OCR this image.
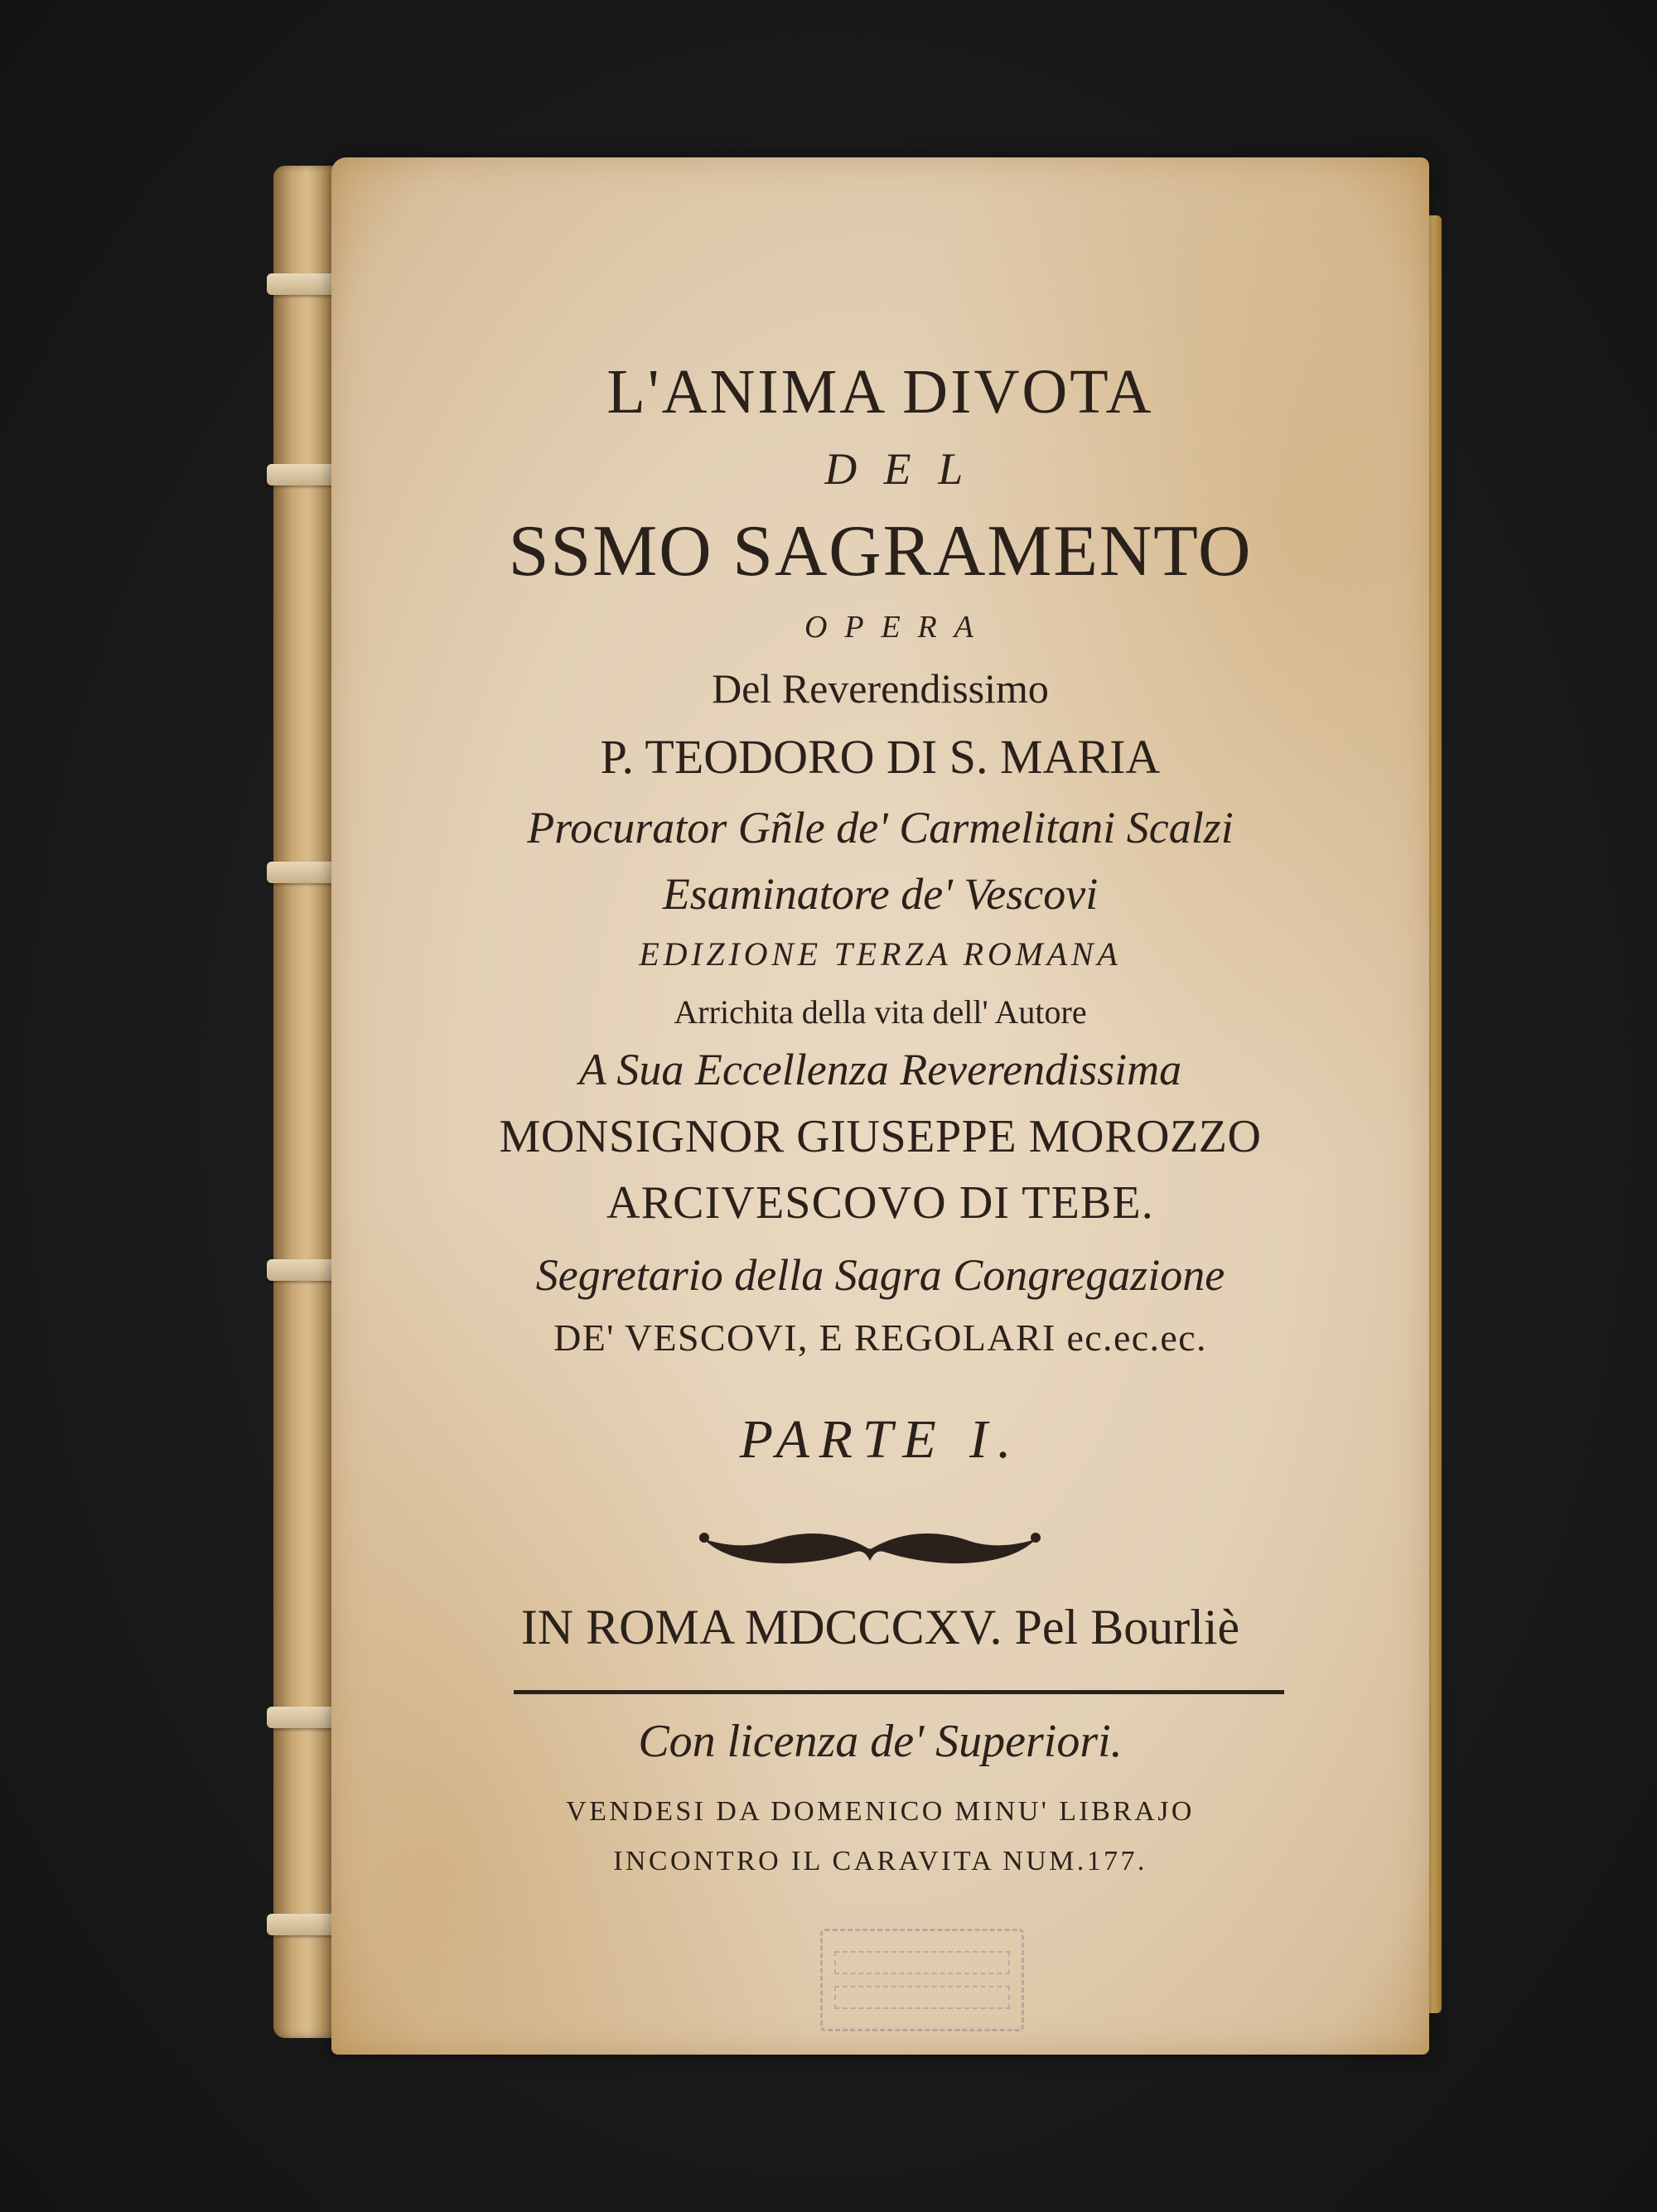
L'ANIMA DIVOTA

DEL

SSMO SAGRAMENTO

OPERA

Del Reverendissimo

P. TEODORO DI S. MARIA

Procurator Gñle de' Carmelitani Scalzi

Esaminatore de' Vescovi

EDIZIONE TERZA ROMANA

Arrichita della vita dell' Autore

A Sua Eccellenza Reverendissima

MONSIGNOR GIUSEPPE MOROZZO

ARCIVESCOVO DI TEBE.

Segretario della Sagra Congregazione

DE' VESCOVI, E REGOLARI ec.ec.ec.

PARTE I.

IN ROMA MDCCCXV. Pel Bourliè

Con licenza de' Superiori.

VENDESI DA DOMENICO MINU' LIBRAJO

INCONTRO IL CARAVITA NUM.177.
